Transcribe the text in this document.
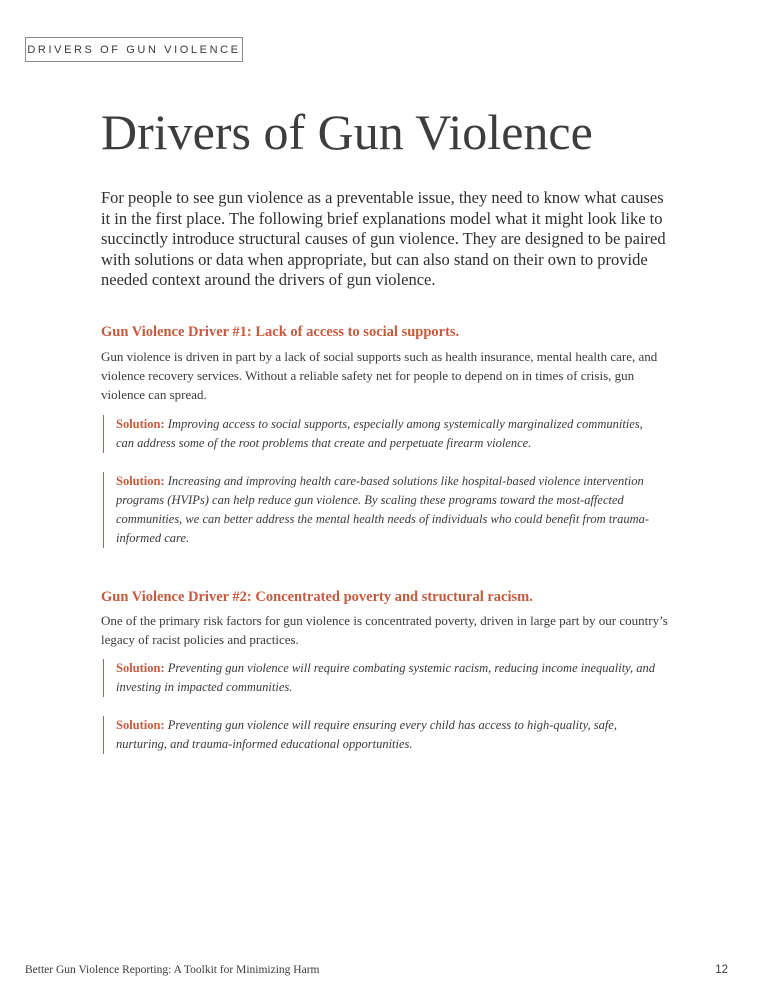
DRIVERS OF GUN VIOLENCE
Drivers of Gun Violence

For people to see gun violence as a preventable issue, they need to know what causes it in the first place. The following brief explanations model what it might look like to succinctly introduce structural causes of gun violence. They are designed to be paired with solutions or data when appropriate, but can also stand on their own to provide needed context around the drivers of gun violence.

Gun Violence Driver #1: Lack of access to social supports.

Gun violence is driven in part by a lack of social supports such as health insurance, mental health care, and violence recovery services. Without a reliable safety net for people to depend on in times of crisis, gun violence can spread.

Solution: Improving access to social supports, especially among systemically marginalized communities, can address some of the root problems that create and perpetuate firearm violence.
Solution: Increasing and improving health care-based solutions like hospital-based violence intervention programs (HVIPs) can help reduce gun violence. By scaling these programs toward the most-affected communities, we can better address the mental health needs of individuals who could benefit from trauma-informed care.
Gun Violence Driver #2: Concentrated poverty and structural racism.

One of the primary risk factors for gun violence is concentrated poverty, driven in large part by our country’s legacy of racist policies and practices.

Solution: Preventing gun violence will require combating systemic racism, reducing income inequality, and investing in impacted communities.
Solution: Preventing gun violence will require ensuring every child has access to high-quality, safe, nurturing, and trauma-informed educational opportunities.
Better Gun Violence Reporting: A Toolkit for Minimizing Harm	12
